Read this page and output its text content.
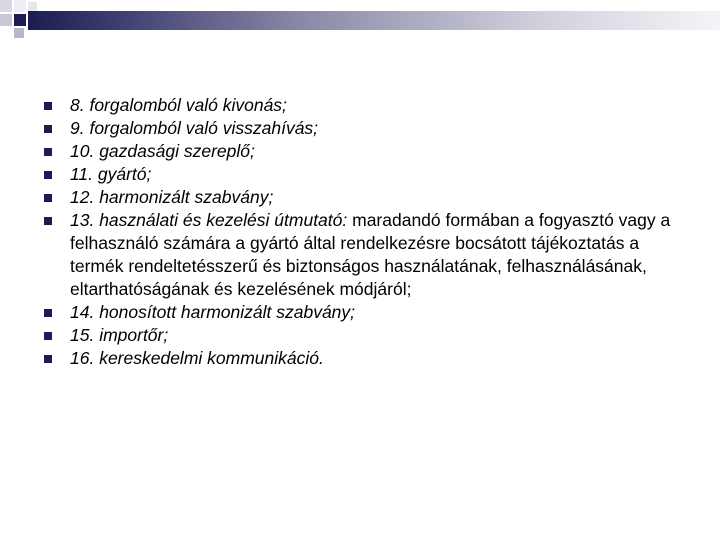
8. forgalomból való kivonás;
9. forgalomból való visszahívás;
10. gazdasági szereplő;
11. gyártó;
12. harmonizált szabvány;
13. használati és kezelési útmutató: maradandó formában a fogyasztó vagy a felhasználó számára a gyártó által rendelkezésre bocsátott tájékoztatás a termék rendeltetésszerű és biztonságos használatának, felhasználásának, eltarthatóságának és kezelésének módjáról;
14. honosított harmonizált szabvány;
15. importőr;
16. kereskedelmi kommunikáció.
